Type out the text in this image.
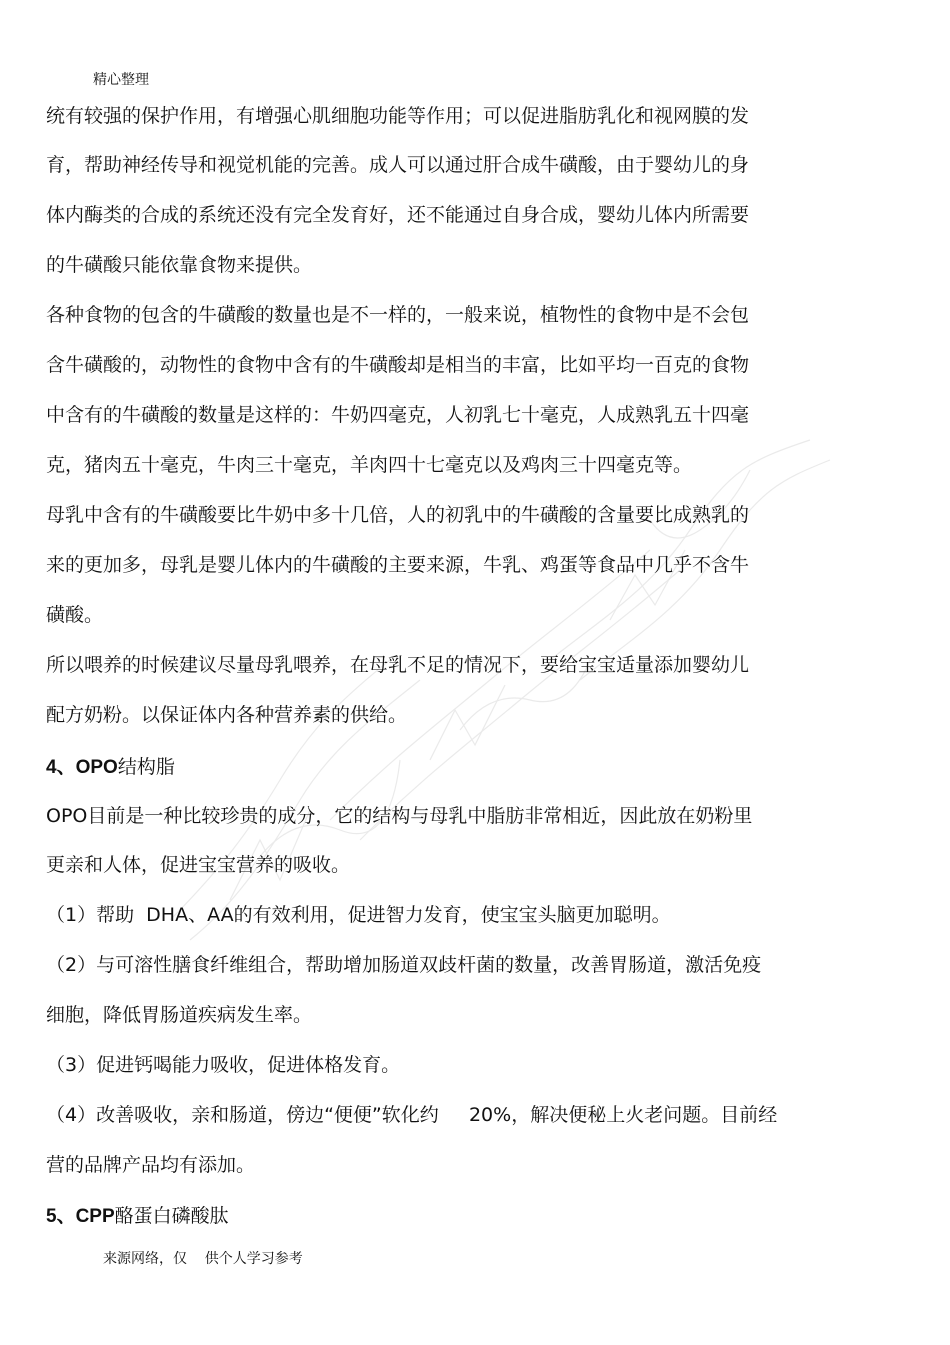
精心整理
统有较强的保护作用，有增强心肌细胞功能等作用；可以促进脂肪乳化和视网膜的发
育，帮助神经传导和视觉机能的完善。成人可以通过肝合成牛磺酸，由于婴幼儿的身
体内酶类的合成的系统还没有完全发育好，还不能通过自身合成，婴幼儿体内所需要
的牛磺酸只能依靠食物来提供。
各种食物的包含的牛磺酸的数量也是不一样的，一般来说，植物性的食物中是不会包
含牛磺酸的，动物性的食物中含有的牛磺酸却是相当的丰富，比如平均一百克的食物
中含有的牛磺酸的数量是这样的：牛奶四毫克，人初乳七十毫克，人成熟乳五十四毫
克，猪肉五十毫克，牛肉三十毫克，羊肉四十七毫克以及鸡肉三十四毫克等。
母乳中含有的牛磺酸要比牛奶中多十几倍，人的初乳中的牛磺酸的含量要比成熟乳的
来的更加多，母乳是婴儿体内的牛磺酸的主要来源，牛乳、鸡蛋等食品中几乎不含牛
磺酸。
所以喂养的时候建议尽量母乳喂养，在母乳不足的情况下，要给宝宝适量添加婴幼儿
配方奶粉。以保证体内各种营养素的供给。
4、OPO结构脂
OPO目前是一种比较珍贵的成分，它的结构与母乳中脂肪非常相近，因此放在奶粉里
更亲和人体，促进宝宝营养的吸收。
（1）帮助  DHA、AA的有效利用，促进智力发育，使宝宝头脑更加聪明。
（2）与可溶性膳食纤维组合，帮助增加肠道双歧杆菌的数量，改善胃肠道，激活免疫
细胞，降低胃肠道疾病发生率。
（3）促进钙喝能力吸收，促进体格发育。
（4）改善吸收，亲和肠道，傍边“便便”软化约     20%，解决便秘上火老问题。目前经
营的品牌产品均有添加。
5、CPP酪蛋白磷酸肽
来源网络，仅    供个人学习参考
